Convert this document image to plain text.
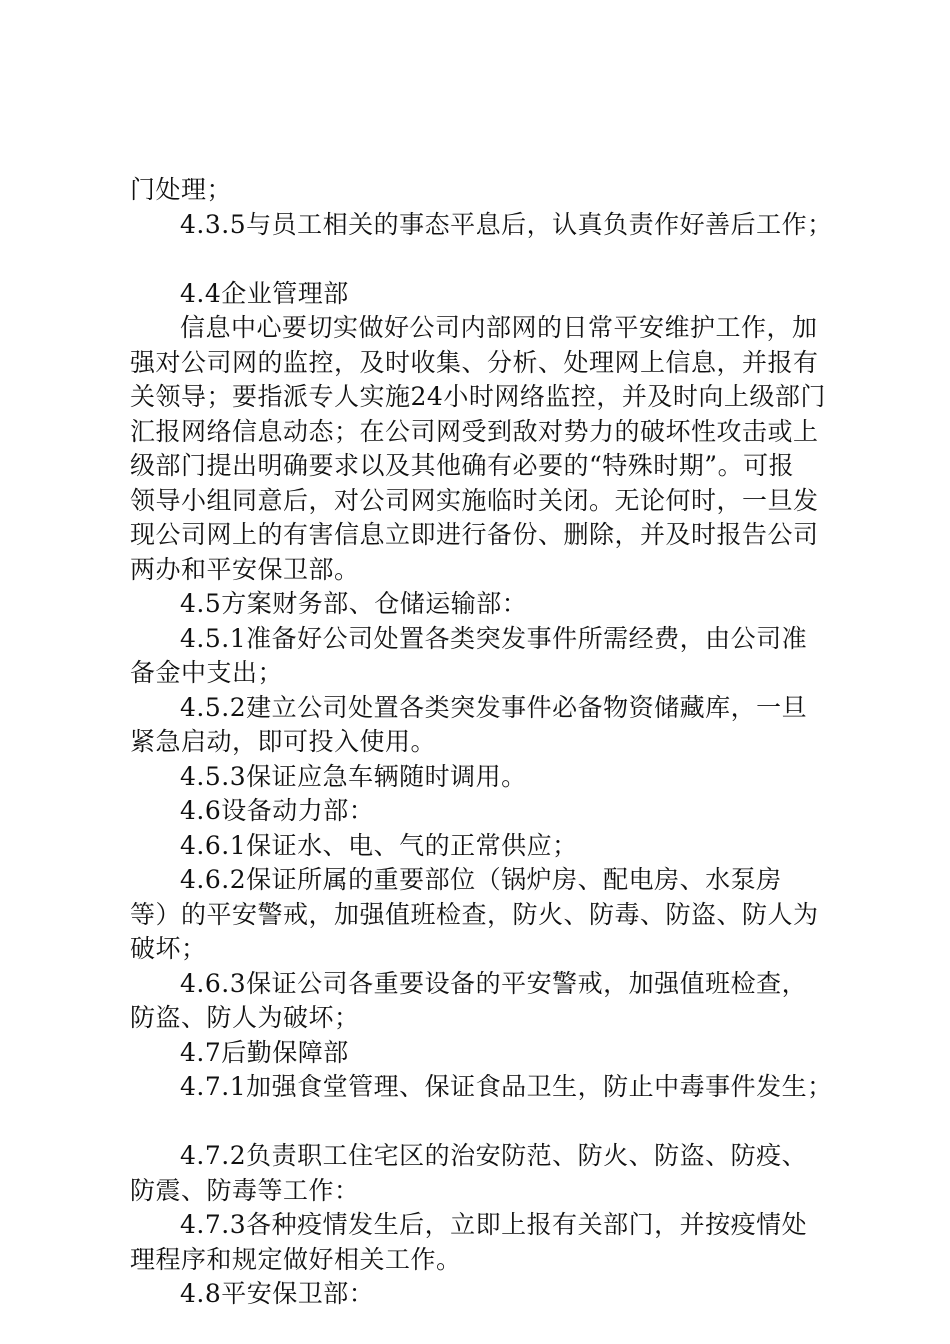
门处理；
4.3.5与员工相关的事态平息后，认真负责作好善后工作；
4.4企业管理部
信息中心要切实做好公司内部网的日常平安维护工作，加
强对公司网的监控，及时收集、分析、处理网上信息，并报有
关领导；要指派专人实施24小时网络监控，并及时向上级部门
汇报网络信息动态；在公司网受到敌对势力的破坏性攻击或上
级部门提出明确要求以及其他确有必要的“特殊时期”。可报
领导小组同意后，对公司网实施临时关闭。无论何时，一旦发
现公司网上的有害信息立即进行备份、删除，并及时报告公司
两办和平安保卫部。
4.5方案财务部、仓储运输部：
4.5.1准备好公司处置各类突发事件所需经费，由公司准
备金中支出；
4.5.2建立公司处置各类突发事件必备物资储藏库，一旦
紧急启动，即可投入使用。
4.5.3保证应急车辆随时调用。
4.6设备动力部：
4.6.1保证水、电、气的正常供应；
4.6.2保证所属的重要部位（锅炉房、配电房、水泵房
等）的平安警戒，加强值班检查，防火、防毒、防盗、防人为
破坏；
4.6.3保证公司各重要设备的平安警戒，加强值班检查，
防盗、防人为破坏；
4.7后勤保障部
4.7.1加强食堂管理、保证食品卫生，防止中毒事件发生；
4.7.2负责职工住宅区的治安防范、防火、防盗、防疫、
防震、防毒等工作：
4.7.3各种疫情发生后，立即上报有关部门，并按疫情处
理程序和规定做好相关工作。
4.8平安保卫部：
